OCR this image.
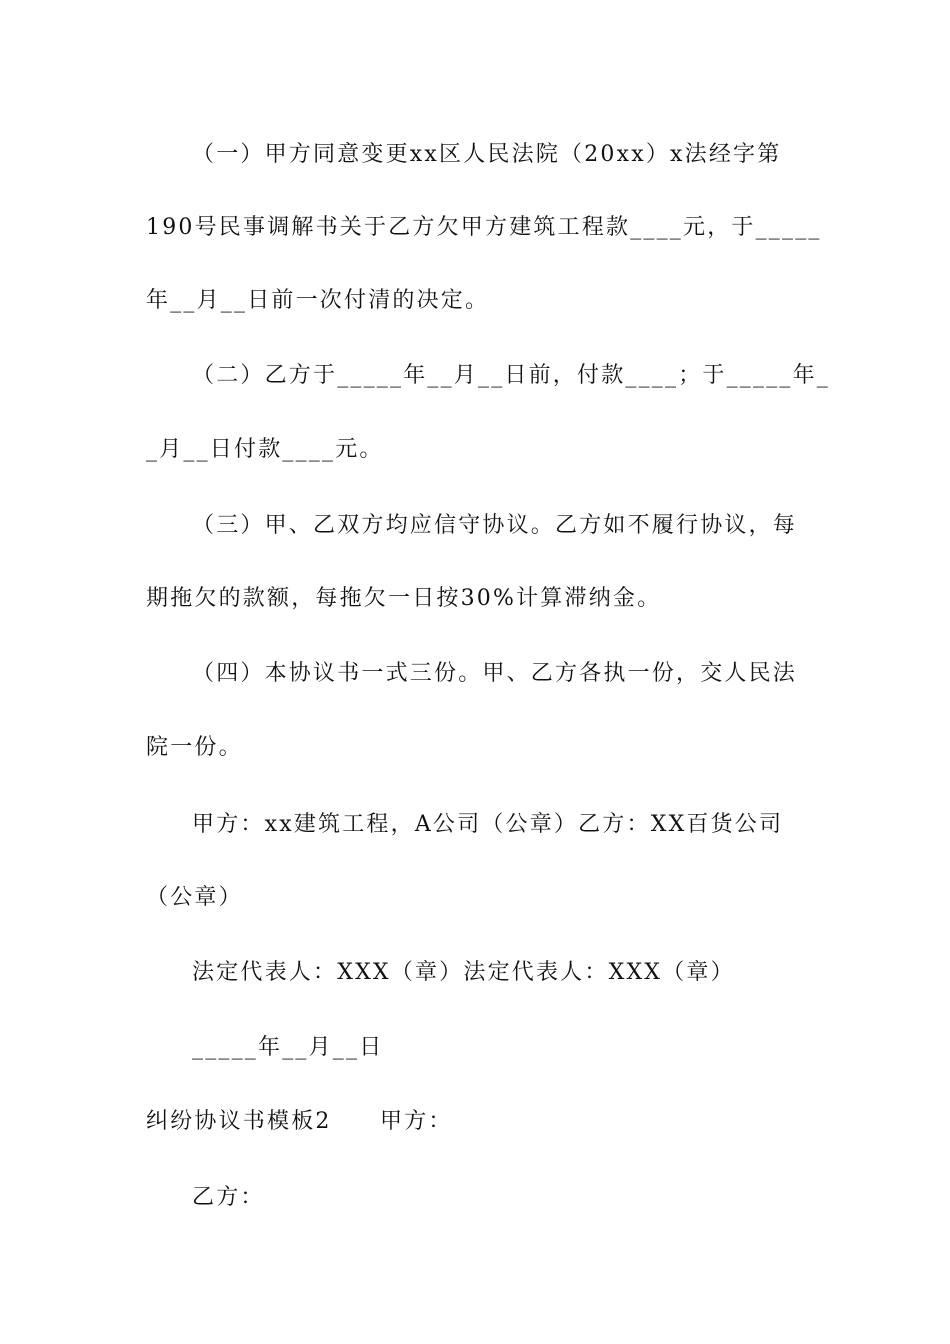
（一）甲方同意变更xx区人民法院（20xx）x法经字第
190号民事调解书关于乙方欠甲方建筑工程款____元，于_____
年__月__日前一次付清的决定。
（二）乙方于_____年__月__日前，付款____；于_____年_
_月__日付款____元。
（三）甲、乙双方均应信守协议。乙方如不履行协议，每
期拖欠的款额，每拖欠一日按30%计算滞纳金。
（四）本协议书一式三份。甲、乙方各执一份，交人民法
院一份。
甲方：xx建筑工程，A公司（公章）乙方：XX百货公司
（公章）
法定代表人：XXX（章）法定代表人：XXX（章）
_____年__月__日
纠纷协议书模板2　　甲方：
乙方：
